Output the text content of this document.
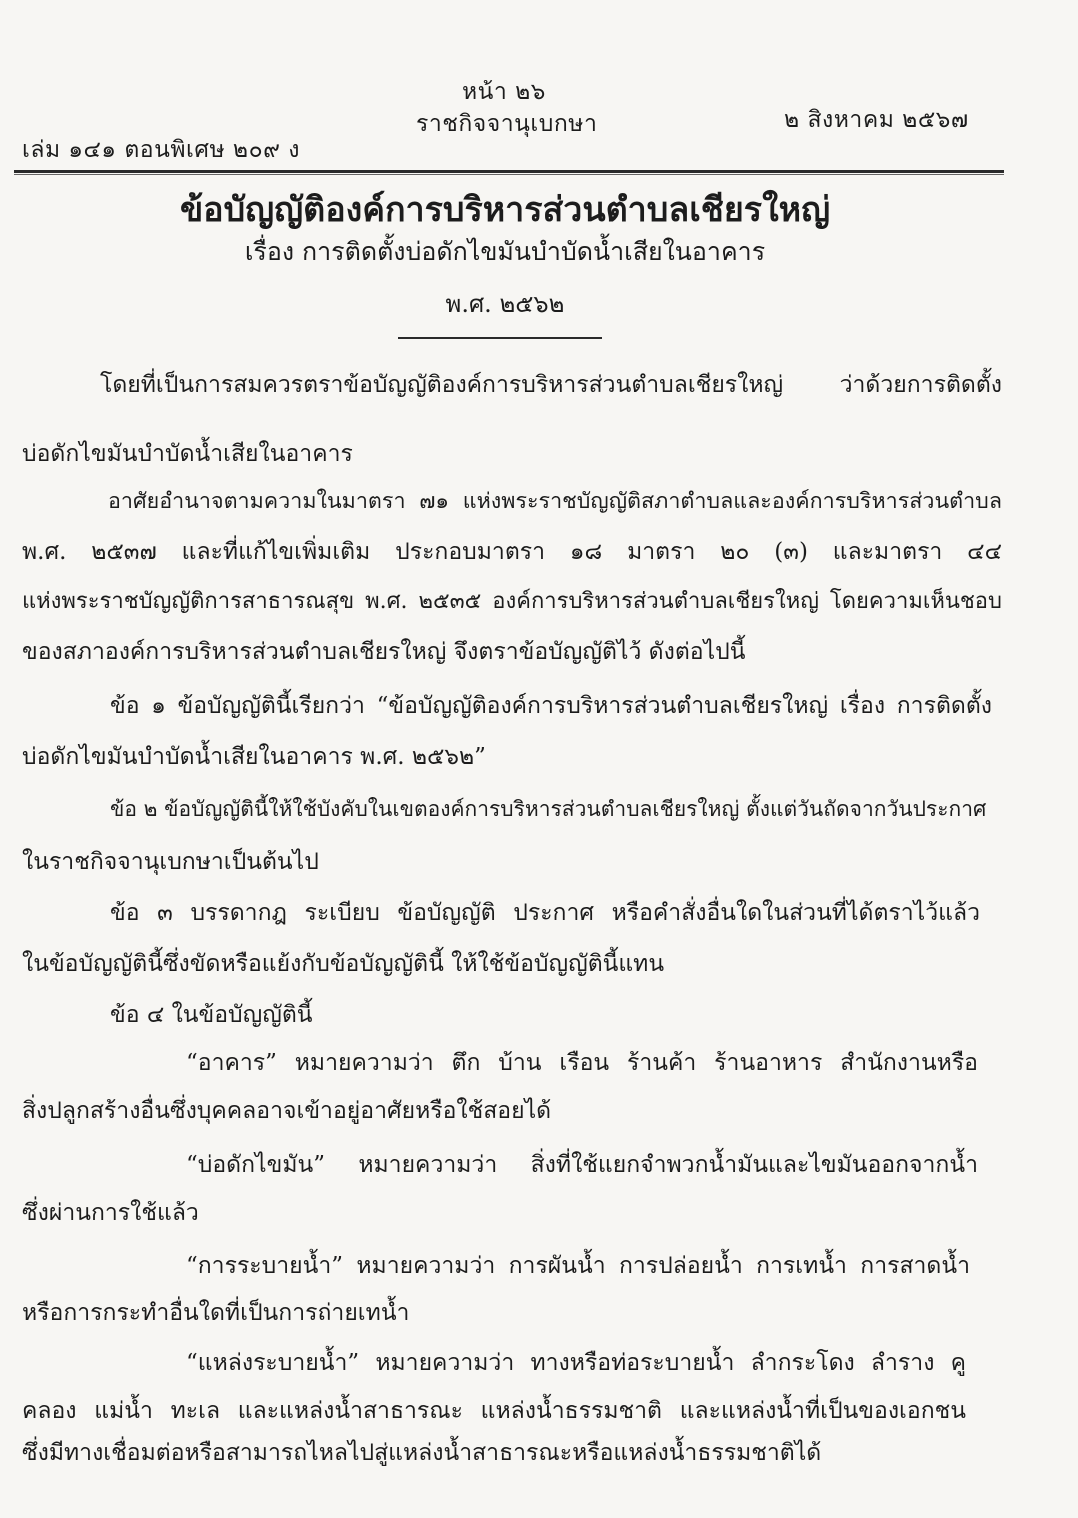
หน้า ๒๖
เล่ม ๑๔๑ ตอนพิเศษ ๒๐๙ ง
ราชกิจจานุเบกษา	๒ สิงหาคม ๒๕๖๗
ข้อบัญญัติองค์การบริหารส่วนตำบลเชียรใหญ่
เรื่อง การติดตั้งบ่อดักไขมันบำบัดน้ำเสียในอาคาร
พ.ศ. ๒๕๖๒
โดยที่เป็นการสมควรตราข้อบัญญัติองค์การบริหารส่วนตำบลเชียรใหญ่ ว่าด้วยการติดตั้ง
บ่อดักไขมันบำบัดน้ำเสียในอาคาร
อาศัยอำนาจตามความในมาตรา ๗๑ แห่งพระราชบัญญัติสภาตำบลและองค์การบริหารส่วนตำบล
พ.ศ. ๒๕๓๗ และที่แก้ไขเพิ่มเติม ประกอบมาตรา ๑๘ มาตรา ๒๐ (๓) และมาตรา ๔๔
แห่งพระราชบัญญัติการสาธารณสุข พ.ศ. ๒๕๓๕ องค์การบริหารส่วนตำบลเชียรใหญ่ โดยความเห็นชอบ
ของสภาองค์การบริหารส่วนตำบลเชียรใหญ่ จึงตราข้อบัญญัติไว้ ดังต่อไปนี้
ข้อ ๑ ข้อบัญญัตินี้เรียกว่า “ข้อบัญญัติองค์การบริหารส่วนตำบลเชียรใหญ่ เรื่อง การติดตั้ง
บ่อดักไขมันบำบัดน้ำเสียในอาคาร พ.ศ. ๒๕๖๒”
ข้อ ๒ ข้อบัญญัตินี้ให้ใช้บังคับในเขตองค์การบริหารส่วนตำบลเชียรใหญ่ ตั้งแต่วันถัดจากวันประกาศ
ในราชกิจจานุเบกษาเป็นต้นไป
ข้อ ๓ บรรดากฎ ระเบียบ ข้อบัญญัติ ประกาศ หรือคำสั่งอื่นใดในส่วนที่ได้ตราไว้แล้ว
ในข้อบัญญัตินี้ซึ่งขัดหรือแย้งกับข้อบัญญัตินี้ ให้ใช้ข้อบัญญัตินี้แทน
ข้อ ๔ ในข้อบัญญัตินี้
“อาคาร” หมายความว่า ตึก บ้าน เรือน ร้านค้า ร้านอาหาร สำนักงานหรือ
สิ่งปลูกสร้างอื่นซึ่งบุคคลอาจเข้าอยู่อาศัยหรือใช้สอยได้
“บ่อดักไขมัน” หมายความว่า สิ่งที่ใช้แยกจำพวกน้ำมันและไขมันออกจากน้ำ
ซึ่งผ่านการใช้แล้ว
“การระบายน้ำ” หมายความว่า การผันน้ำ การปล่อยน้ำ การเทน้ำ การสาดน้ำ
หรือการกระทำอื่นใดที่เป็นการถ่ายเทน้ำ
“แหล่งระบายน้ำ” หมายความว่า ทางหรือท่อระบายน้ำ ลำกระโดง ลำราง คู
คลอง แม่น้ำ ทะเล และแหล่งน้ำสาธารณะ แหล่งน้ำธรรมชาติ และแหล่งน้ำที่เป็นของเอกชน
ซึ่งมีทางเชื่อมต่อหรือสามารถไหลไปสู่แหล่งน้ำสาธารณะหรือแหล่งน้ำธรรมชาติได้
